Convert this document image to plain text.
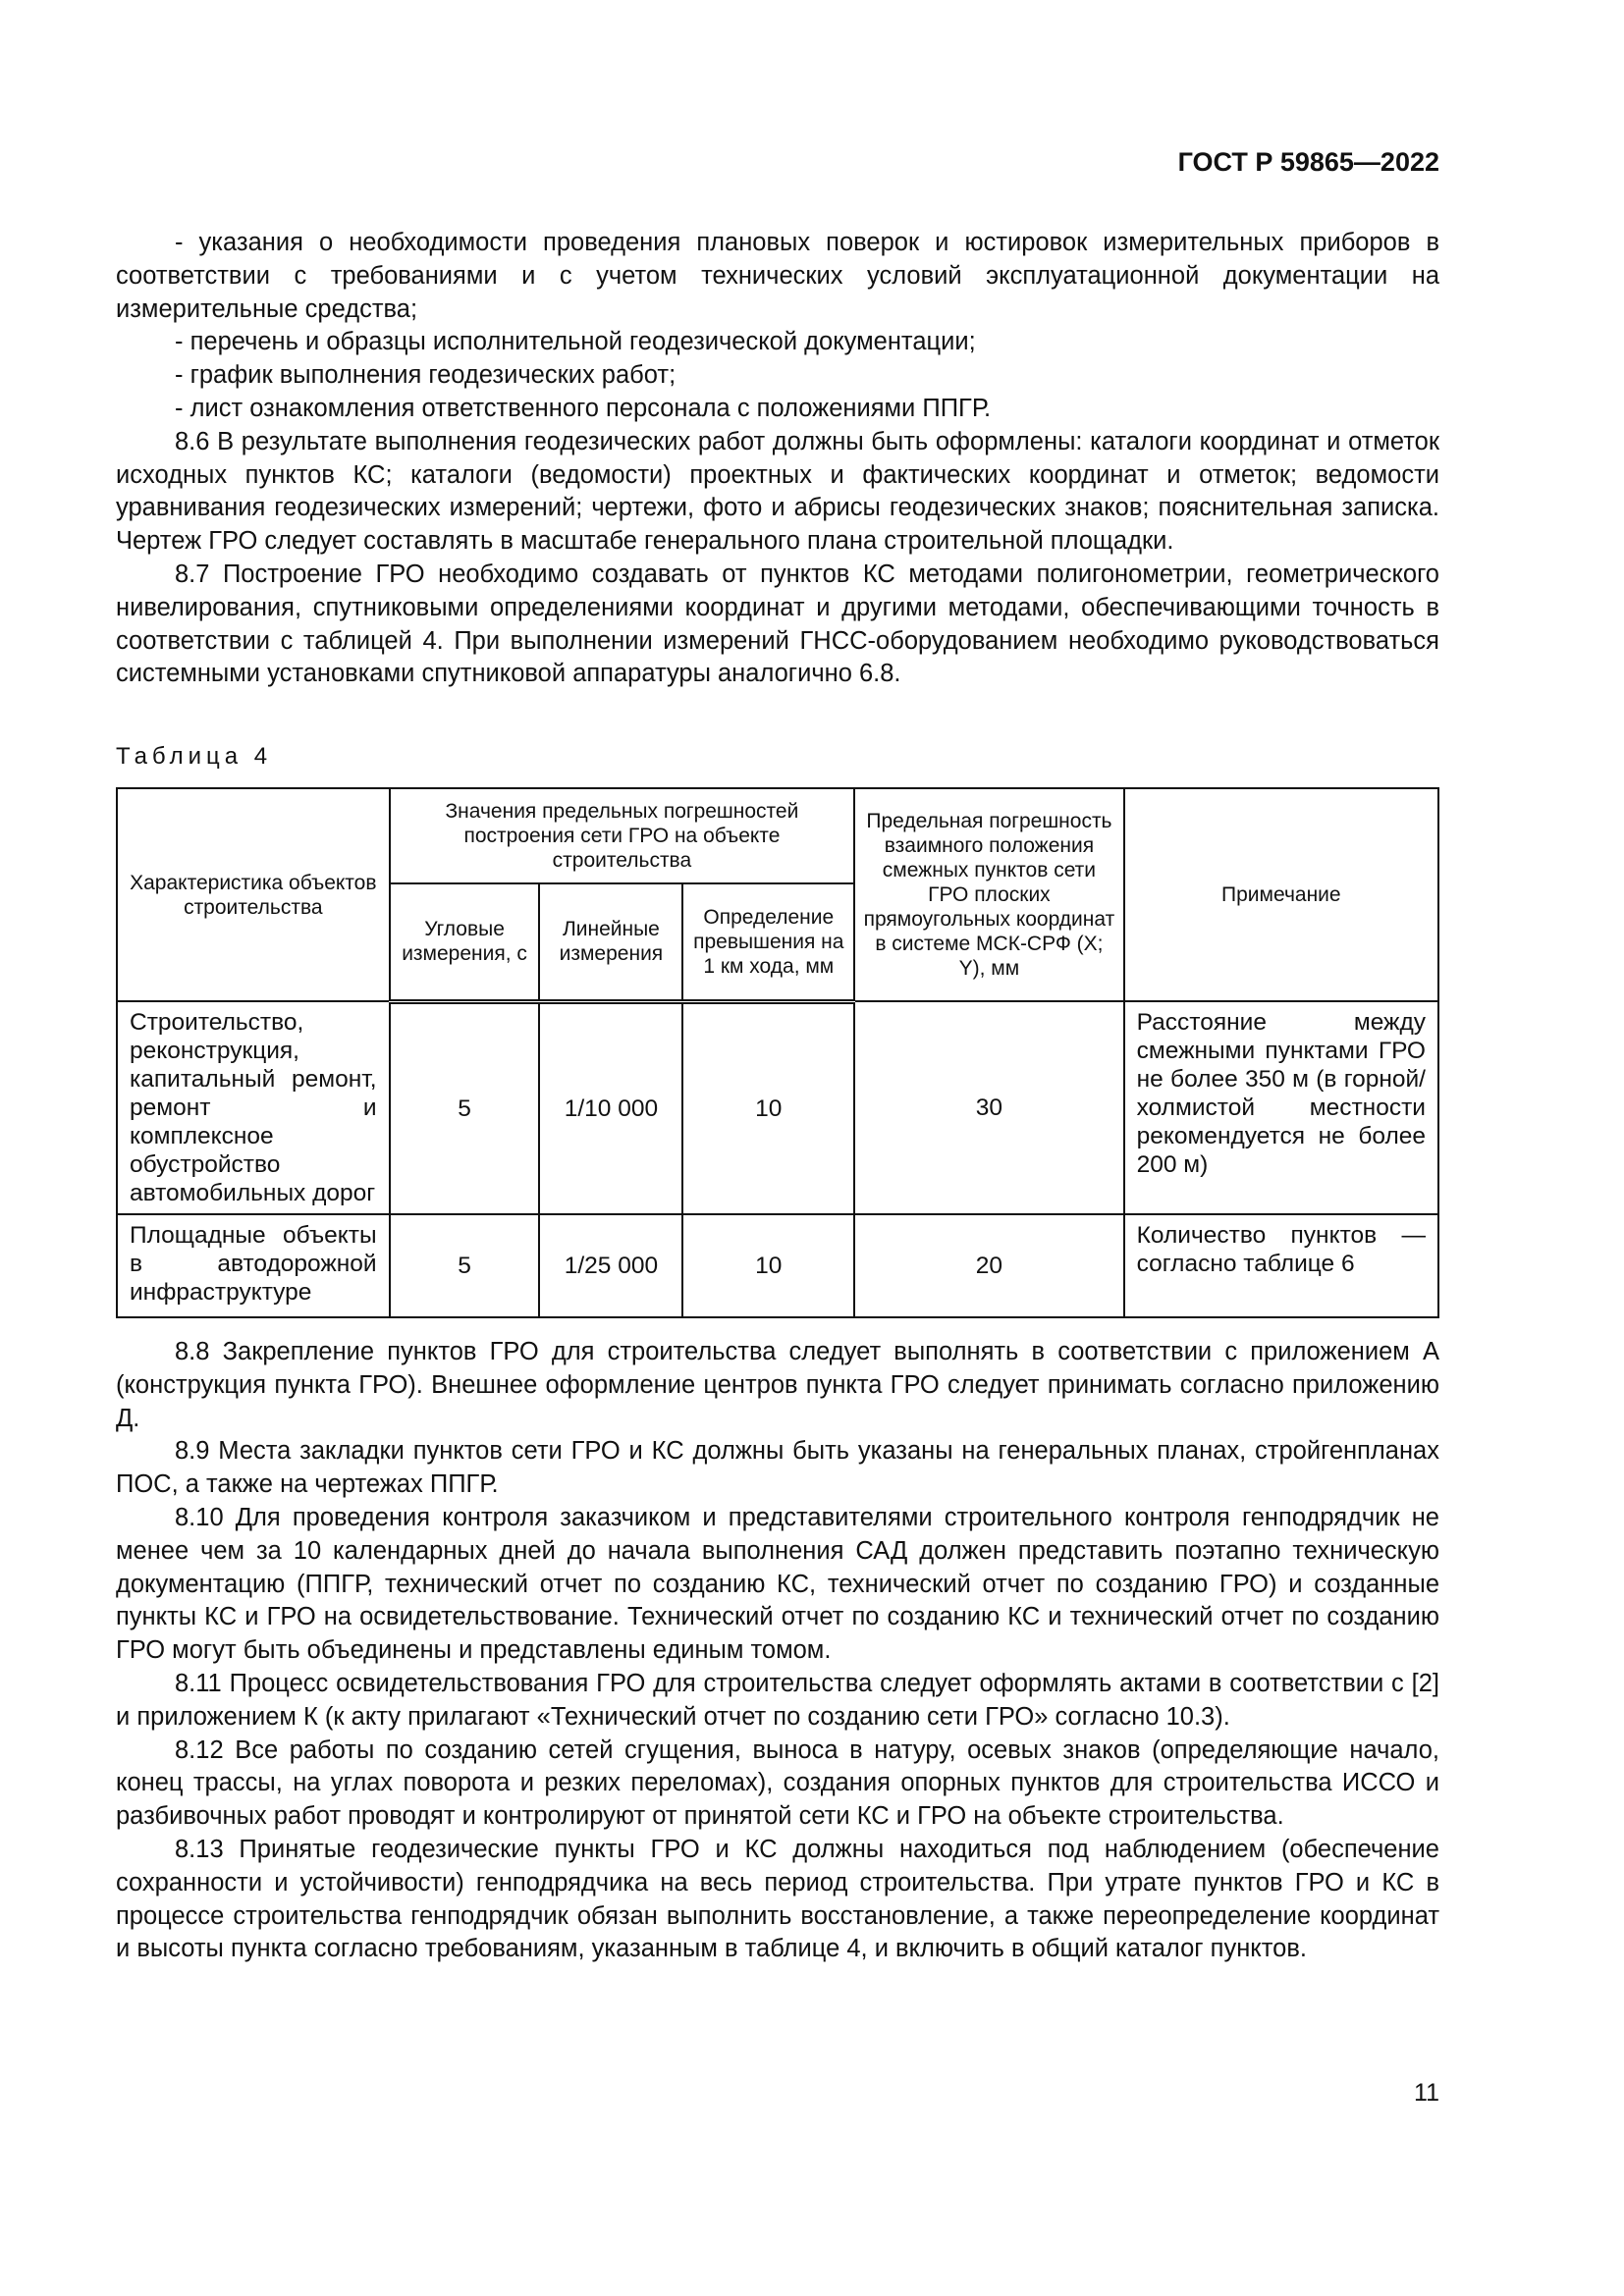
ГОСТ Р 59865—2022

- указания о необходимости проведения плановых поверок и юстировок измерительных приборов в соответствии с требованиями и с учетом технических условий эксплуатационной документации на измерительные средства;

- перечень и образцы исполнительной геодезической документации;

- график выполнения геодезических работ;

- лист ознакомления ответственного персонала с положениями ППГР.

8.6 В результате выполнения геодезических работ должны быть оформлены: каталоги координат и отметок исходных пунктов КС; каталоги (ведомости) проектных и фактических координат и отметок; ведомости уравнивания геодезических измерений; чертежи, фото и абрисы геодезических знаков; пояснительная записка. Чертеж ГРО следует составлять в масштабе генерального плана строительной площадки.

8.7 Построение ГРО необходимо создавать от пунктов КС методами полигонометрии, геометрического нивелирования, спутниковыми определениями координат и другими методами, обеспечивающими точность в соответствии с таблицей 4. При выполнении измерений ГНСС-оборудованием необходимо руководствоваться системными установками спутниковой аппаратуры аналогично 6.8.

Таблица 4
Характеристика объектов строительства	Значения предельных погрешностей построения сети ГРО на объекте строительства			Предельная погрешность взаимного положения смежных пунктов сети ГРО плоских прямоугольных координат в системе МСК-СРФ (X; Y), мм	Примечание
	Угловые измерения, с	Линейные измерения	Определение превышения на 1 км хода, мм		
Строительство, реконструкция, капитальный ремонт, ремонт и комплексное обустройство автомобильных дорог	5	1/10 000	10	30	Расстояние между смежными пунктами ГРО не более 350 м (в горной/ холмистой местности рекомендуется не более 200 м)
Площадные объекты в автодорожной инфраструктуре	5	1/25 000	10	20	Количество пунктов — согласно таблице 6

8.8 Закрепление пунктов ГРО для строительства следует выполнять в соответствии с приложением А (конструкция пункта ГРО). Внешнее оформление центров пункта ГРО следует принимать согласно приложению Д.

8.9 Места закладки пунктов сети ГРО и КС должны быть указаны на генеральных планах, стройгенпланах ПОС, а также на чертежах ППГР.

8.10 Для проведения контроля заказчиком и представителями строительного контроля генподрядчик не менее чем за 10 календарных дней до начала выполнения САД должен представить поэтапно техническую документацию (ППГР, технический отчет по созданию КС, технический отчет по созданию ГРО) и созданные пункты КС и ГРО на освидетельствование. Технический отчет по созданию КС и технический отчет по созданию ГРО могут быть объединены и представлены единым томом.

8.11 Процесс освидетельствования ГРО для строительства следует оформлять актами в соответствии с [2] и приложением К (к акту прилагают «Технический отчет по созданию сети ГРО» согласно 10.3).

8.12 Все работы по созданию сетей сгущения, выноса в натуру, осевых знаков (определяющие начало, конец трассы, на углах поворота и резких переломах), создания опорных пунктов для строительства ИССО и разбивочных работ проводят и контролируют от принятой сети КС и ГРО на объекте строительства.

8.13 Принятые геодезические пункты ГРО и КС должны находиться под наблюдением (обеспечение сохранности и устойчивости) генподрядчика на весь период строительства. При утрате пунктов ГРО и КС в процессе строительства генподрядчик обязан выполнить восстановление, а также переопределение координат и высоты пункта согласно требованиям, указанным в таблице 4, и включить в общий каталог пунктов.

11
